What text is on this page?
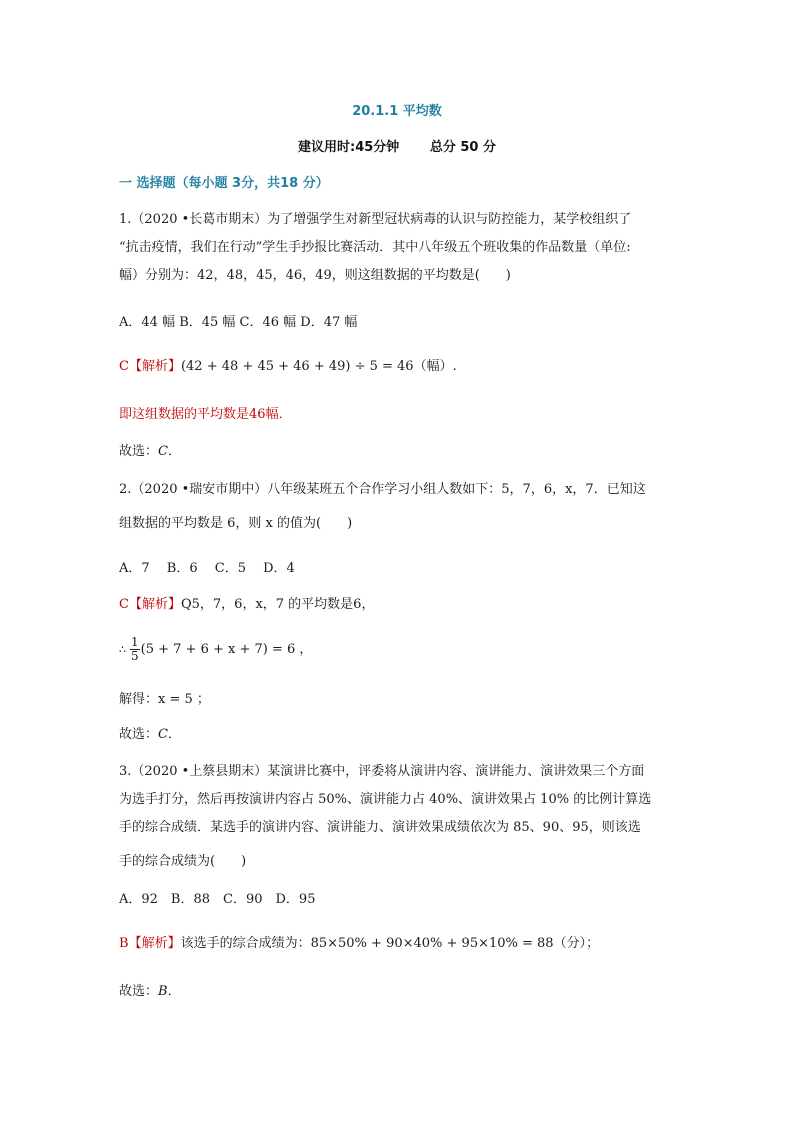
20.1.1 平均数
建议用时:45分钟 总分 50 分
一 选择题（每小题 3分，共18 分）
1.（2020 •长葛市期末）为了增强学生对新型冠状病毒的认识与防控能力，某学校组织了
“抗击疫情，我们在行动”学生手抄报比赛活动．其中八年级五个班收集的作品数量（单位:
幅）分别为：42，48，45，46，49，则这组数据的平均数是(　　)
A．44 幅 B．45 幅 C．46 幅 D．47 幅
C【解析】(42 + 48 + 45 + 46 + 49) ÷ 5 = 46（幅）.
即这组数据的平均数是46幅．
故选：C．
2.（2020 •瑞安市期中）八年级某班五个合作学习小组人数如下：5，7，6，x，7．已知这
组数据的平均数是 6，则 x 的值为(　　)
A．7　 B．6　 C．5　 D．4
C【解析】Q5，7，6，x，7 的平均数是6，
∴ $\frac{1}{5} (5 + 7 + 6 + x + 7) = 6$ ，
解得：x = 5 ；
故选：C．
3.（2020 •上蔡县期末）某演讲比赛中，评委将从演讲内容、演讲能力、演讲效果三个方面
为选手打分，然后再按演讲内容占 50%、演讲能力占 40%、演讲效果占 10% 的比例计算选
手的综合成绩．某选手的演讲内容、演讲能力、演讲效果成绩依次为 85、90、95，则该选
手的综合成绩为(　　)
A．92　B．88　C．90　D．95
B【解析】该选手的综合成绩为：85×50% + 90×40% + 95×10% = 88（分）；
故选：B．
